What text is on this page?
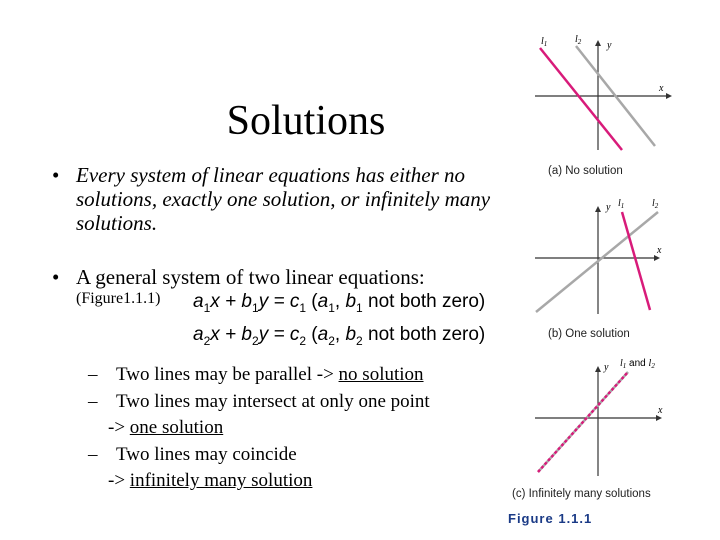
Solutions
• Every system of linear equations has either no solutions, exactly one solution, or infinitely many solutions.
• A general system of two linear equations:
(Figure1.1.1) $a_1x + b_1y = c_1$ ($a_1$, $b_1$ not both zero)
$a_2x + b_2y = c_2$ ($a_2$, $b_2$ not both zero)
– Two lines may be parallel -> no solution
– Two lines may intersect at only one point
-> one solution
– Two lines may coincide
-> infinitely many solution
$l_1$	$l_2$	y
x
y $l_1$	$l_2$
x
y $l_1$ and $l_2$
x
(a) No solution
(b) One solution
(c) Infinitely many solutions
Figure 1.1.1
